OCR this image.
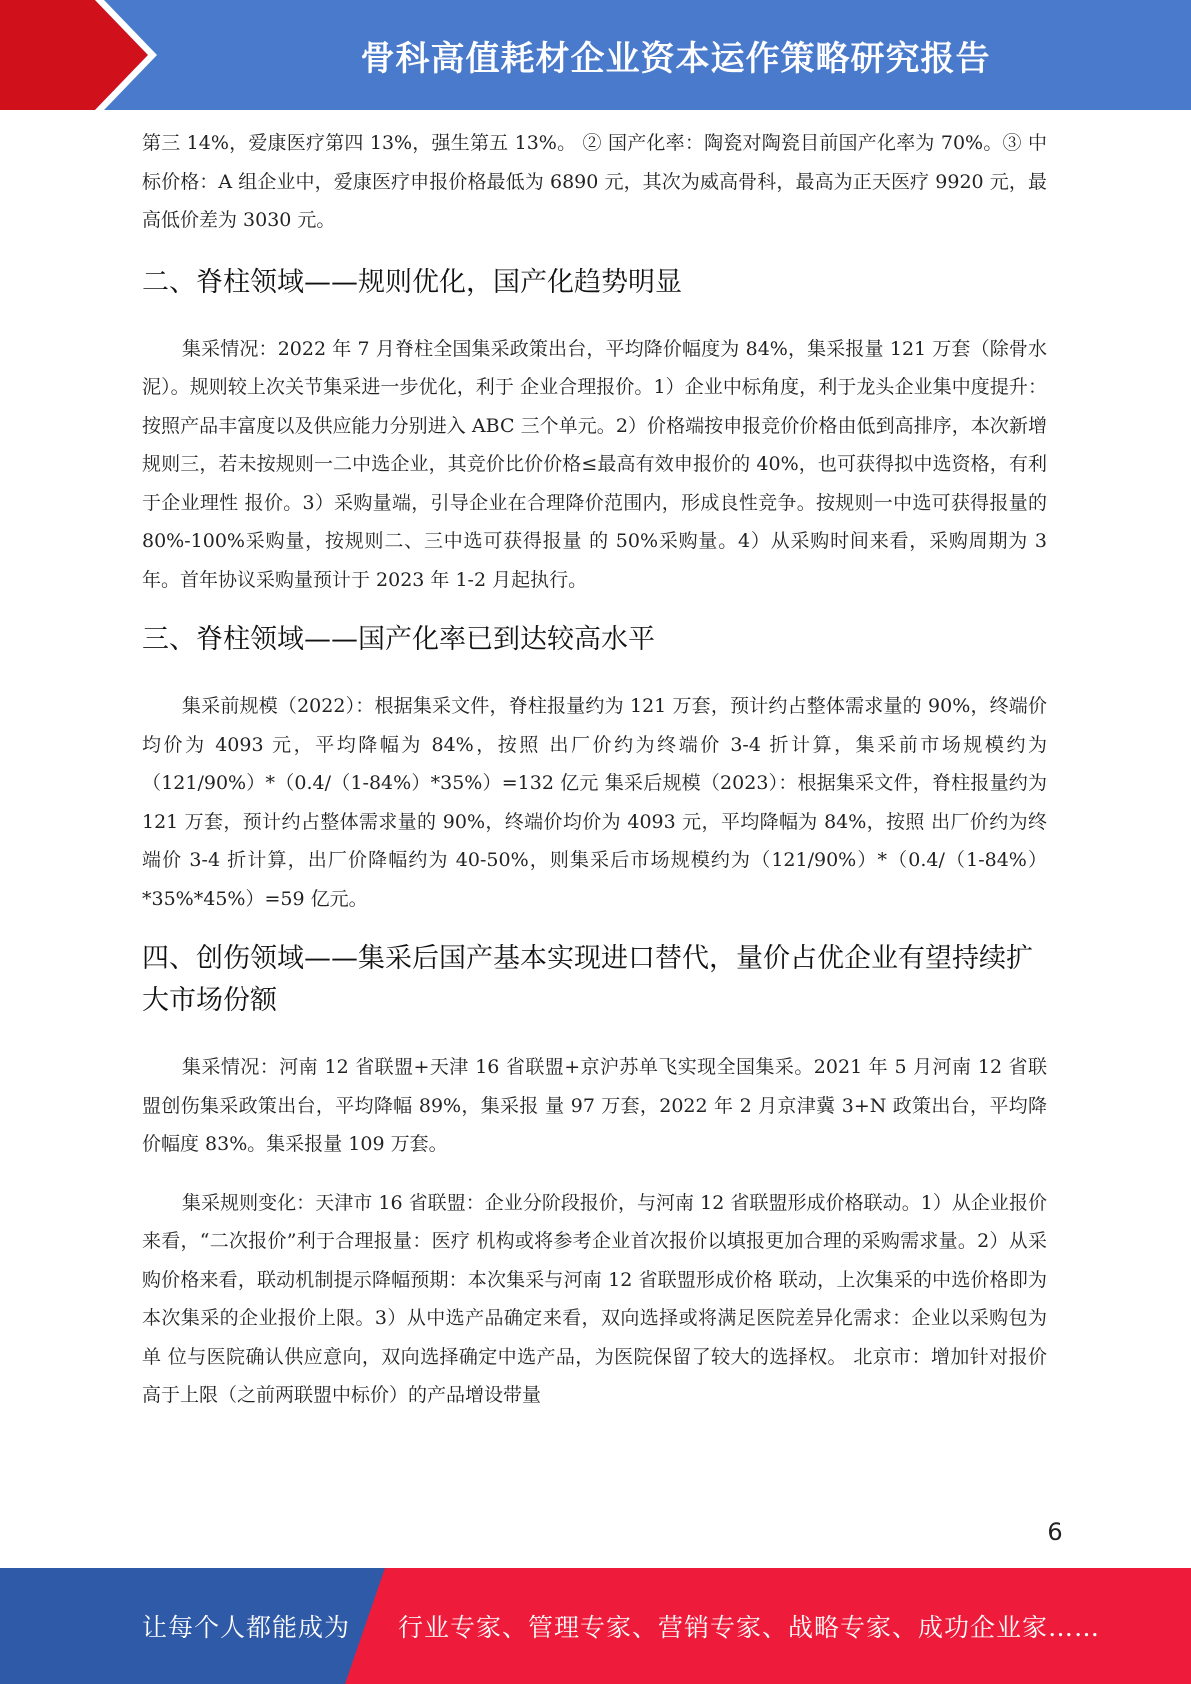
骨科高值耗材企业资本运作策略研究报告

第三 14%，爱康医疗第四 13%，强生第五 13%。 ② 国产化率：陶瓷对陶瓷目前国产化率为 70%。③ 中标价格：A 组企业中，爱康医疗申报价格最低为 6890 元，其次为威高骨科，最高为正天医疗 9920 元，最高低价差为 3030 元。

二、脊柱领域——规则优化，国产化趋势明显

集采情况：2022 年 7 月脊柱全国集采政策出台，平均降价幅度为 84%，集采报量 121 万套（除骨水泥）。规则较上次关节集采进一步优化，利于 企业合理报价。1）企业中标角度，利于龙头企业集中度提升：按照产品丰富度以及供应能力分别进入 ABC 三个单元。2）价格端按申报竞价价格由低到高排序，本次新增规则三，若未按规则一二中选企业，其竞价比价价格≤最高有效申报价的 40%，也可获得拟中选资格，有利于企业理性 报价。3）采购量端，引导企业在合理降价范围内，形成良性竞争。按规则一中选可获得报量的 80%-100%采购量，按规则二、三中选可获得报量 的 50%采购量。4）从采购时间来看，采购周期为 3 年。首年协议采购量预计于 2023 年 1-2 月起执行。

三、脊柱领域——国产化率已到达较高水平

集采前规模（2022）：根据集采文件，脊柱报量约为 121 万套，预计约占整体需求量的 90%，终端价均价为 4093 元，平均降幅为 84%，按照 出厂价约为终端价 3-4 折计算，集采前市场规模约为（121/90%）*（0.4/（1-84%）*35%）=132 亿元 集采后规模（2023）：根据集采文件，脊柱报量约为 121 万套，预计约占整体需求量的 90%，终端价均价为 4093 元，平均降幅为 84%，按照 出厂价约为终端价 3-4 折计算，出厂价降幅约为 40-50%，则集采后市场规模约为（121/90%）*（0.4/（1-84%）*35%*45%）=59 亿元。

四、创伤领域——集采后国产基本实现进口替代，量价占优企业有望持续扩大市场份额

集采情况：河南 12 省联盟+天津 16 省联盟+京沪苏单飞实现全国集采。2021 年 5 月河南 12 省联盟创伤集采政策出台，平均降幅 89%，集采报 量 97 万套，2022 年 2 月京津冀 3+N 政策出台，平均降价幅度 83%。集采报量 109 万套。

集采规则变化：天津市 16 省联盟：企业分阶段报价，与河南 12 省联盟形成价格联动。1）从企业报价来看，“二次报价”利于合理报量：医疗 机构或将参考企业首次报价以填报更加合理的采购需求量。2）从采购价格来看，联动机制提示降幅预期：本次集采与河南 12 省联盟形成价格 联动，上次集采的中选价格即为本次集采的企业报价上限。3）从中选产品确定来看，双向选择或将满足医院差异化需求：企业以采购包为单 位与医院确认供应意向，双向选择确定中选产品，为医院保留了较大的选择权。 北京市：增加针对报价高于上限（之前两联盟中标价）的产品增设带量

6
让每个人都能成为 行业专家、管理专家、营销专家、战略专家、成功企业家……
